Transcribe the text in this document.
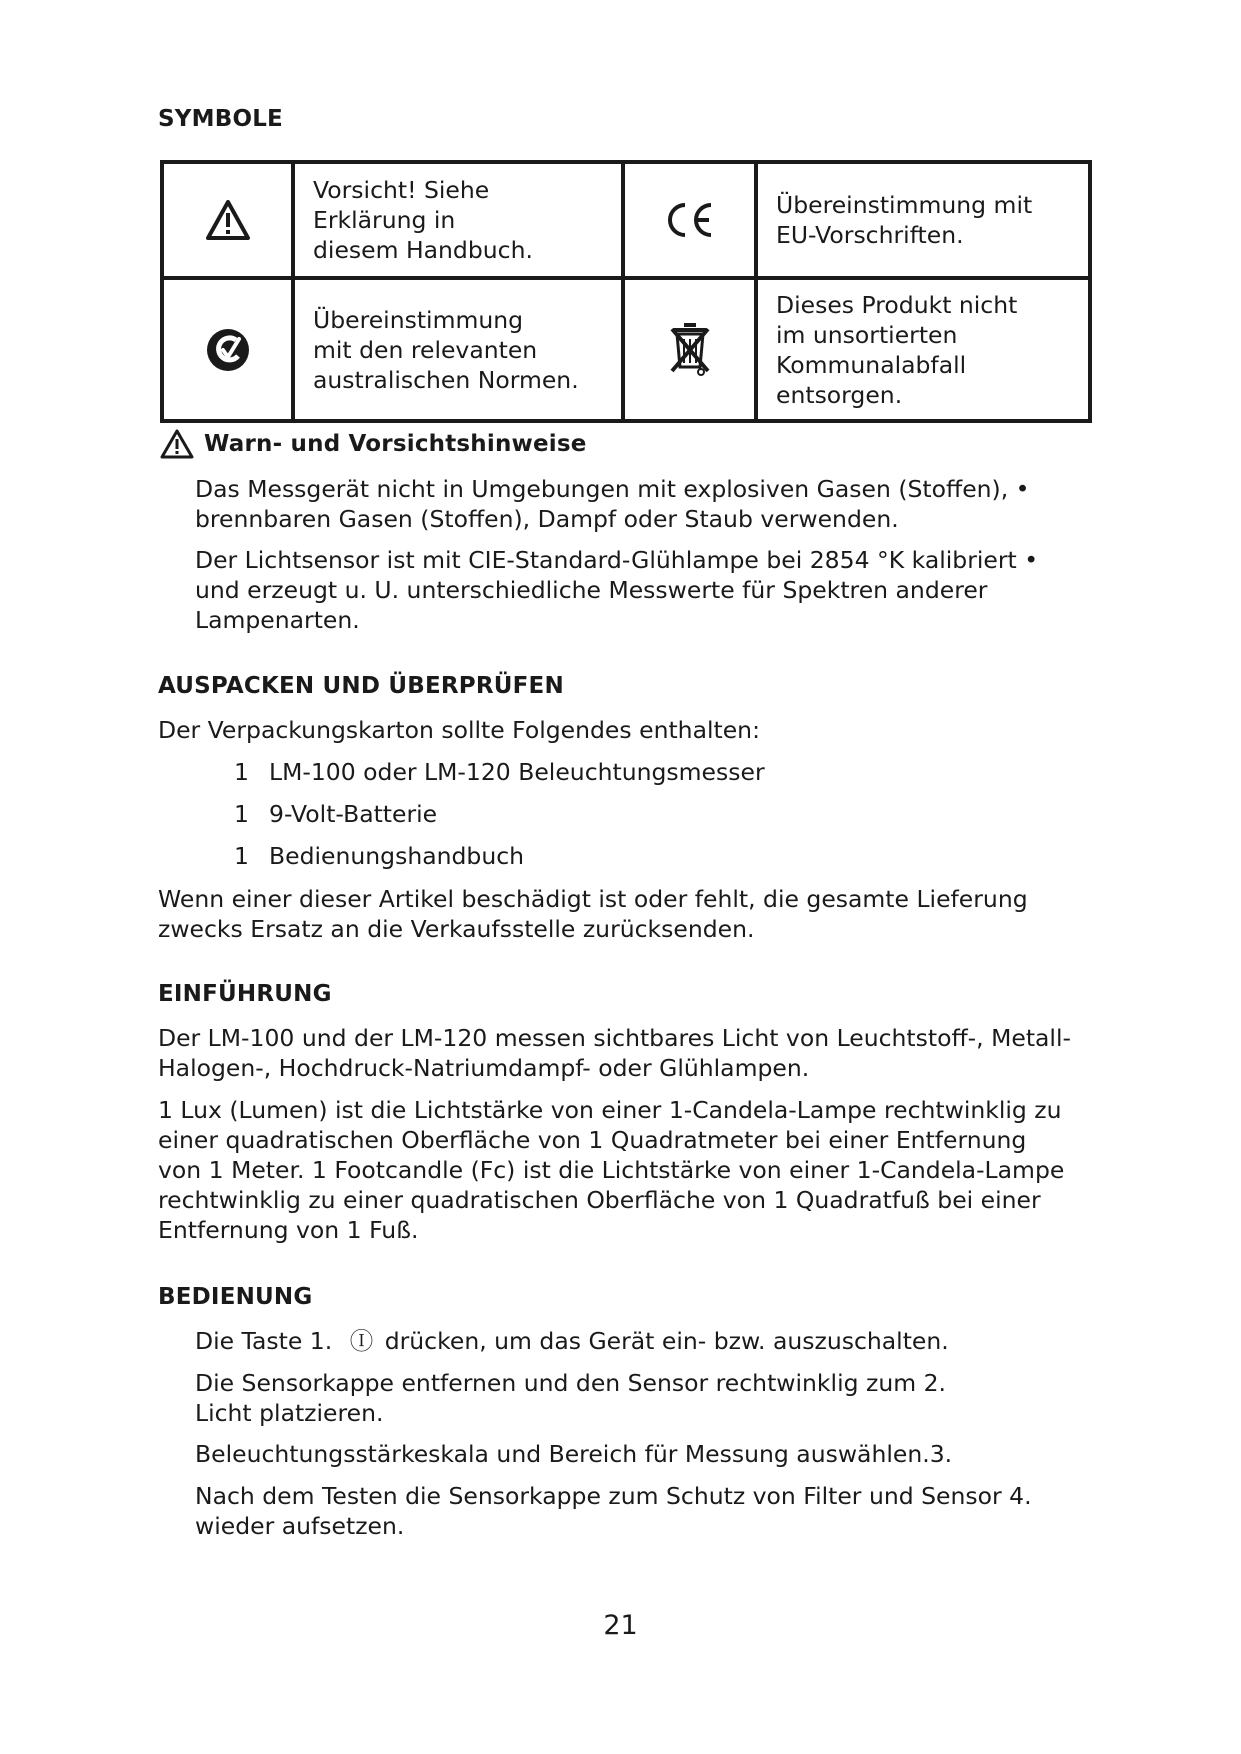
SYMBOLE

Vorsicht! Siehe
Erklärung in
diesem Handbuch.		Übereinstimmung mit
EU-Vorschriften.

Übereinstimmung
mit den relevanten
australischen Normen.		Dieses Produkt nicht
im unsortierten
Kommunalabfall
entsorgen.
Warn- und Vorsichtshinweise
Das Messgerät nicht in Umgebungen mit explosiven Gasen (Stoffen), •
brennbaren Gasen (Stoffen), Dampf oder Staub verwenden.
Der Lichtsensor ist mit CIE-Standard-Glühlampe bei 2854 °K kalibriert •
und erzeugt u. U. unterschiedliche Messwerte für Spektren anderer
Lampenarten.
AUSPACKEN UND ÜBERPRÜFEN
Der Verpackungskarton sollte Folgendes enthalten:
1 LM-100 oder LM-120 Beleuchtungsmesser
1 9-Volt-Batterie
1 Bedienungshandbuch
Wenn einer dieser Artikel beschädigt ist oder fehlt, die gesamte Lieferung
zwecks Ersatz an die Verkaufsstelle zurücksenden.
EINFÜHRUNG
Der LM-100 und der LM-120 messen sichtbares Licht von Leuchtstoff-, Metall-
Halogen-, Hochdruck-Natriumdampf- oder Glühlampen.
1 Lux (Lumen) ist die Lichtstärke von einer 1-Candela-Lampe rechtwinklig zu
einer quadratischen Oberfläche von 1 Quadratmeter bei einer Entfernung
von 1 Meter. 1 Footcandle (Fc) ist die Lichtstärke von einer 1-Candela-Lampe
rechtwinklig zu einer quadratischen Oberfläche von 1 Quadratfuß bei einer
Entfernung von 1 Fuß.
BEDIENUNG
Die Taste 1. Ⓘ drücken, um das Gerät ein- bzw. auszuschalten.
Die Sensorkappe entfernen und den Sensor rechtwinklig zum 2.
Licht platzieren.
Beleuchtungsstärkeskala und Bereich für Messung auswählen.3.
Nach dem Testen die Sensorkappe zum Schutz von Filter und Sensor 4.
wieder aufsetzen.
21
